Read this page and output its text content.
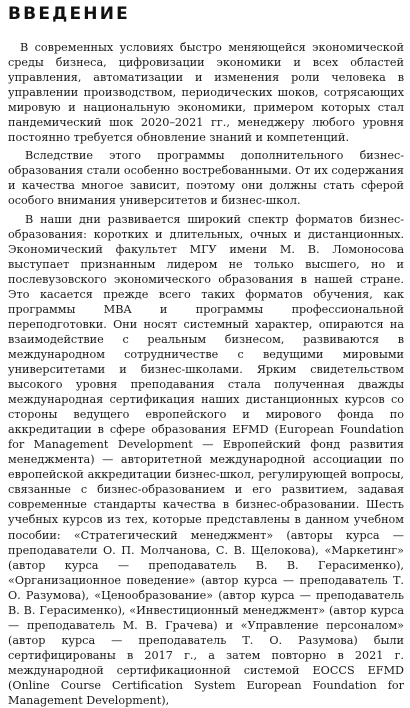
ВВЕДЕНИЕ

В современных условиях быстро меняющейся экономической среды бизнеса, цифровизации экономики и всех областей управления, автоматизации и изменения роли человека в управлении производством, периодических шоков, сотрясающих мировую и национальную экономики, примером которых стал пандемический шок 2020–2021 гг., менеджеру любого уровня постоянно требуется обновление знаний и компетенций.

Вследствие этого программы дополнительного бизнес-образования стали особенно востребованными. От их содержания и качества многое зависит, поэтому они должны стать сферой особого внимания университетов и бизнес-школ.

В наши дни развивается широкий спектр форматов бизнес-образования: коротких и длительных, очных и дистанционных. Экономический факультет МГУ имени М. В. Ломоносова выступает признанным лидером не только высшего, но и послевузовского экономического образования в нашей стране. Это касается прежде всего таких форматов обучения, как программы MBA и программы профессиональной переподготовки. Они носят системный характер, опираются на взаимодействие с реальным бизнесом, развиваются в международном сотрудничестве с ведущими мировыми университетами и бизнес-школами. Ярким свидетельством высокого уровня преподавания стала полученная дважды международная сертификация наших дистанционных курсов со стороны ведущего европейского и мирового фонда по аккредитации в сфере образования EFMD (European Foundation for Management Development — Европейский фонд развития менеджмента) — авторитетной международной ассоциации по европейской аккредитации бизнес-школ, регулирующей вопросы, связанные с бизнес-образованием и его развитием, задавая современные стандарты качества в бизнес-образовании. Шесть учебных курсов из тех, которые представлены в данном учебном пособии: «Стратегический менеджмент» (авторы курса — преподаватели О. П. Молчанова, С. В. Щелокова), «Маркетинг» (автор курса — преподаватель В. В. Герасименко), «Организационное поведение» (автор курса — преподаватель Т. О. Разумова), «Ценообразование» (автор курса — преподаватель В. В. Герасименко), «Инвестиционный менеджмент» (автор курса — преподаватель М. В. Грачева) и «Управление персоналом» (автор курса — преподаватель Т. О. Разумова) были сертифицированы в 2017 г., а затем повторно в 2021 г. международной сертификационной системой EOCCS EFMD (Online Course Certification System European Foundation for Management Development),
